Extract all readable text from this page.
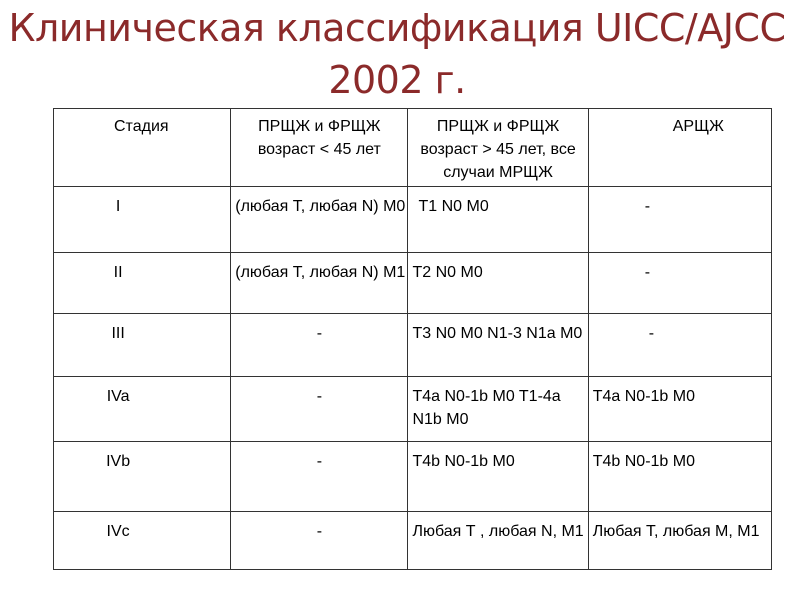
Клиническая классификация UICC/AJCC
2002 г.
Стадия	ПРЩЖ и ФРЩЖ возраст < 45 лет	ПРЩЖ и ФРЩЖ возраст > 45 лет, все случаи МРЩЖ	АРЩЖ
I	(любая Т, любая N) M0	T1 N0 M0	-
II	(любая Т, любая N) M1	T2 N0 M0	-
III	-	T3 N0 M0 N1-3 N1a M0	-
IVa	-	T4a N0-1b M0 T1-4a N1b M0	T4a N0-1b M0
IVb	-	T4b N0-1b M0	T4b N0-1b M0
IVc	-	Любая Т , любая N, M1	Любая Т, любая М, M1
